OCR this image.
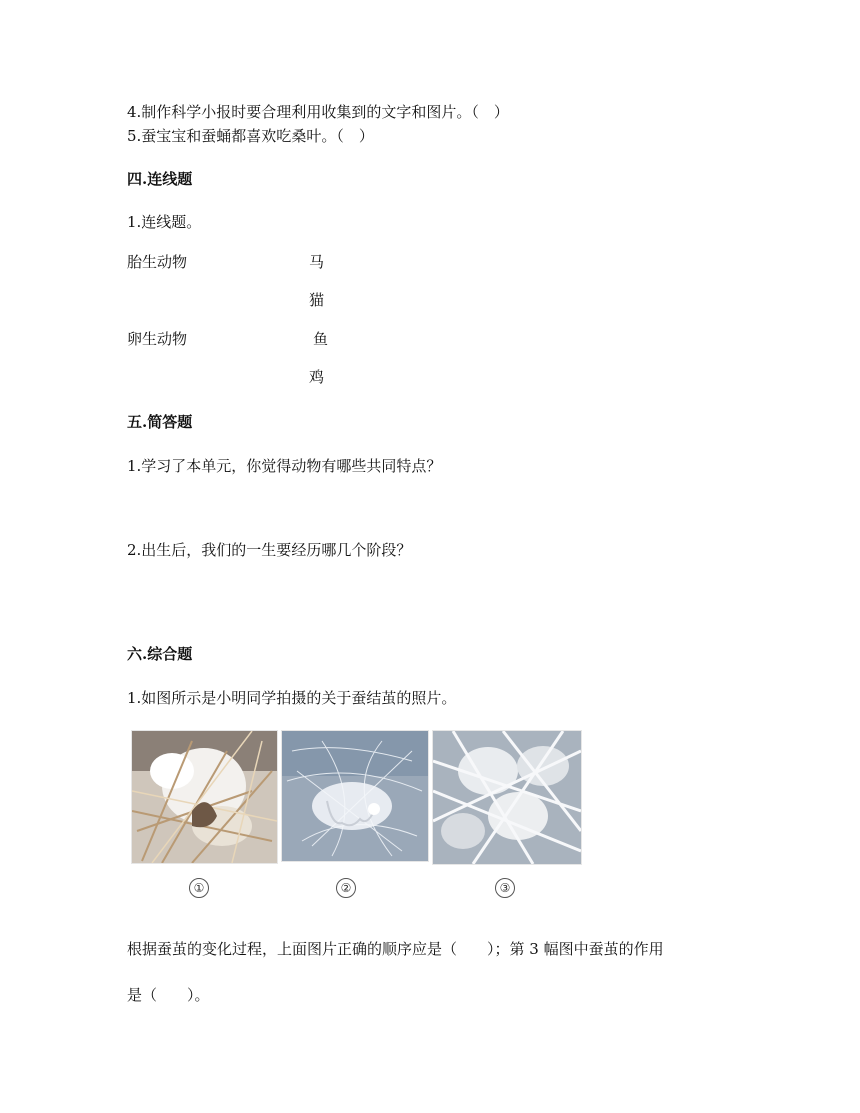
4.制作科学小报时要合理利用收集到的文字和图片。（　）
5.蚕宝宝和蚕蛹都喜欢吃桑叶。（　）
四.连线题
1.连线题。
胎生动物
卵生动物
马
猫
鱼
鸡
五.简答题
1.学习了本单元，你觉得动物有哪些共同特点？
2.出生后，我们的一生要经历哪几个阶段？
六.综合题
1.如图所示是小明同学拍摄的关于蚕结茧的照片。
①	②	③
根据蚕茧的变化过程，上面图片正确的顺序应是（　　）；第 3 幅图中蚕茧的作用
是（　　）。
